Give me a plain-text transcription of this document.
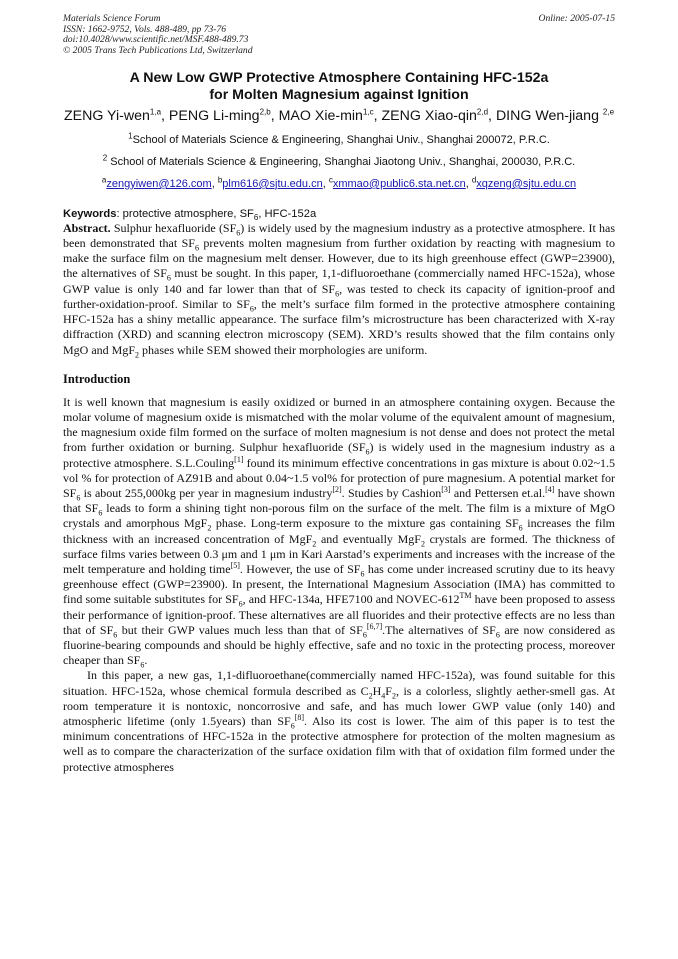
Materials Science Forum
ISSN: 1662-9752, Vols. 488-489, pp 73-76
doi:10.4028/www.scientific.net/MSF.488-489.73
© 2005 Trans Tech Publications Ltd, Switzerland
Online: 2005-07-15
A New Low GWP Protective Atmosphere Containing HFC-152a
for Molten Magnesium against Ignition
ZENG Yi-wen$^{1,a}$, PENG Li-ming$^{2,b}$, MAO Xie-$\min^{1,c}$, ZENG Xiao-qin$^{2,d}$, DING Wen-jiang $^{2,e}$
$^1$School of Materials Science & Engineering, Shanghai Univ., Shanghai 200072, P.R.C.
$^2$ School of Materials Science & Engineering, Shanghai Jiaotong Univ., Shanghai, 200030, P.R.C.
$^a$zengyiwen@126.com, $^b$plm616@sjtu.edu.cn, $^c$xmmao@public6.sta.net.cn, $^d$xqzeng@sjtu.edu.cn
Keywords: protective atmosphere, $SF_6$, HFC-152a

Abstract. Sulphur hexafluoride $(SF_6)$ is widely used by the magnesium industry as a protective atmosphere. It has been demonstrated that $SF_6$ prevents molten magnesium from further oxidation by reacting with magnesium to make the surface film on the magnesium melt denser. However, due to its high greenhouse effect (GWP=23900), the alternatives of $SF_6$ must be sought. In this paper, 1,1-difluoroethane (commercially named HFC-152a), whose GWP value is only 140 and far lower than that of $SF_6$, was tested to check its capacity of ignition-proof and further-oxidation-proof. Similar to $SF_6$, the melt’s surface film formed in the protective atmosphere containing HFC-152a has a shiny metallic appearance. The surface film’s microstructure has been characterized with X-ray diffraction (XRD) and scanning electron microscopy (SEM). XRD’s results showed that the film contains only MgO and MgF$_2$ phases while SEM showed their morphologies are uniform.

Introduction

It is well known that magnesium is easily oxidized or burned in an atmosphere containing oxygen. Because the molar volume of magnesium oxide is mismatched with the molar volume of the equivalent amount of magnesium, the magnesium oxide film formed on the surface of molten magnesium is not dense and does not protect the metal from further oxidation or burning. Sulphur hexafluoride $(SF_6)$ is widely used in the magnesium industry as a protective atmosphere. S.L.Couling[1] found its minimum effective concentrations in gas mixture is about 0.02~1.5 vol % for protection of AZ91B and about 0.04~1.5 vol% for protection of pure magnesium. A potential market for $SF_6$ is about 255,000kg per year in magnesium industry[2]. Studies by Cashion[3] and Pettersen et.al.[4] have shown that $SF_6$ leads to form a shining tight non-porous film on the surface of the melt. The film is a mixture of MgO crystals and amorphous MgF$_2$ phase. Long-term exposure to the mixture gas containing $SF_6$ increases the film thickness with an increased concentration of MgF$_2$ and eventually MgF$_2$ crystals are formed. The thickness of surface films varies between 0.3 μm and 1 μm in Kari Aarstad’s experiments and increases with the increase of the melt temperature and holding time[5]. However, the use of $SF_6$ has come under increased scrutiny due to its heavy greenhouse effect (GWP=23900). In present, the International Magnesium Association (IMA) has committed to find some suitable substitutes for $SF_6$, and HFC-134a, HFE7100 and NOVEC-612™ have been proposed to assess their performance of ignition-proof. These alternatives are all fluorides and their protective effects are no less than that of $SF_6$ but their GWP values much less than that of $SF_6[6,7].The$ alternatives of $SF_6$ are now considered as fluorine-bearing compounds and should be highly effective, safe and no toxic in the protecting process, moreover cheaper than $SF_6$.

In this paper, a new gas, 1,1-difluoroethane(commercially named HFC-152a), was found suitable for this situation. HFC-152a, whose chemical formula described as $C_2H_4F_2$, is a colorless, slightly aether-smell gas. At room temperature it is nontoxic, noncorrosive and safe, and has much lower GWP value (only 140) and atmospheric lifetime (only 1.5years) than $SF_6[8]$. Also its cost is lower. The aim of this paper is to test the minimum concentrations of HFC-152a in the protective atmosphere for protection of the molten magnesium as well as to compare the characterization of the surface oxidation film with that of oxidation film formed under the protective atmospheres
